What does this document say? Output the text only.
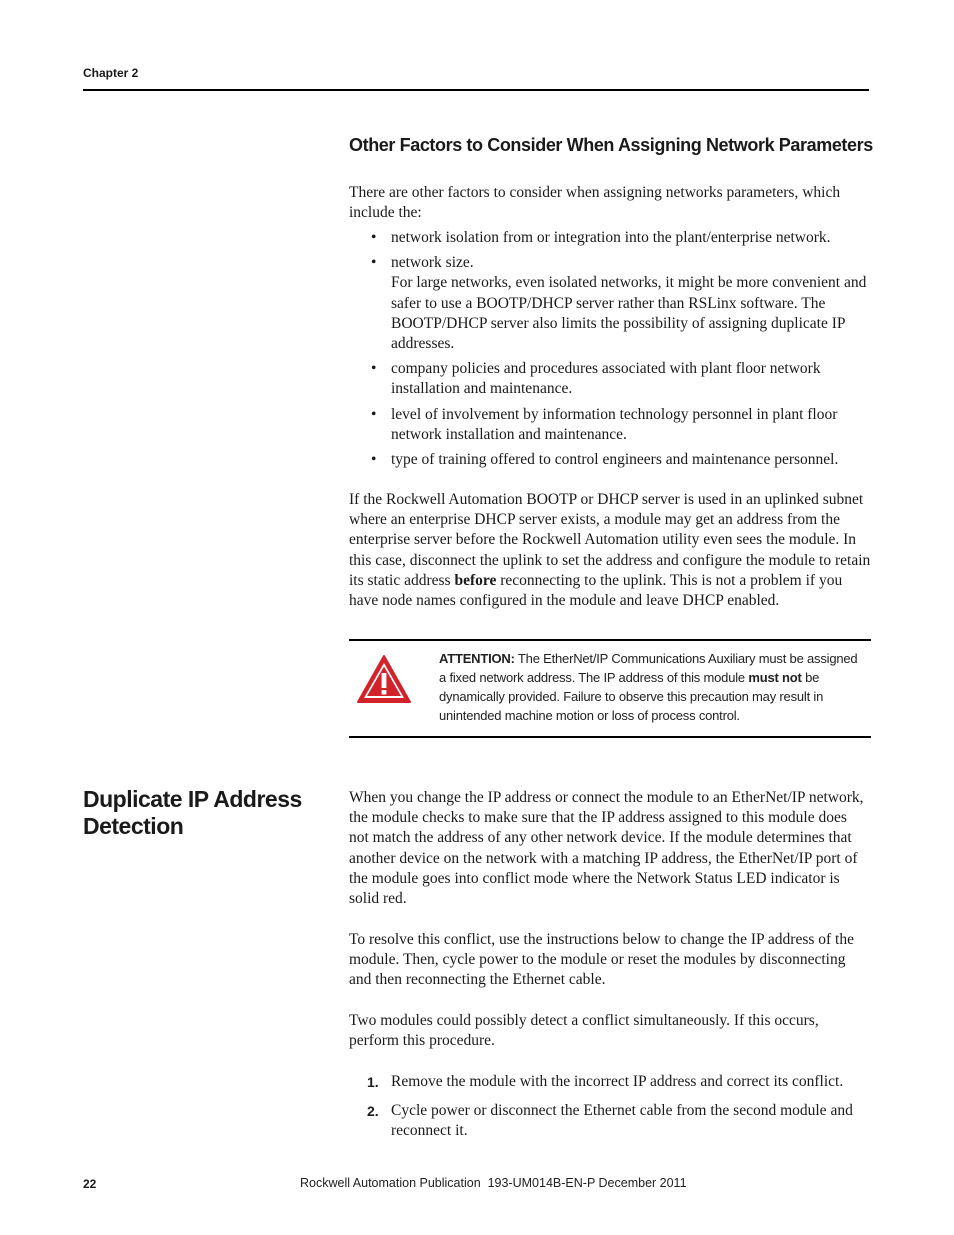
Chapter 2
Other Factors to Consider When Assigning Network Parameters

There are other factors to consider when assigning networks parameters, which include the:

• network isolation from or integration into the plant/enterprise network.
• network size.
For large networks, even isolated networks, it might be more convenient and safer to use a BOOTP/DHCP server rather than RSLinx software. The BOOTP/DHCP server also limits the possibility of assigning duplicate IP addresses.
• company policies and procedures associated with plant floor network installation and maintenance.
• level of involvement by information technology personnel in plant floor network installation and maintenance.
• type of training offered to control engineers and maintenance personnel.

If the Rockwell Automation BOOTP or DHCP server is used in an uplinked subnet where an enterprise DHCP server exists, a module may get an address from the enterprise server before the Rockwell Automation utility even sees the module. In this case, disconnect the uplink to set the address and configure the module to retain its static address before reconnecting to the uplink. This is not a problem if you have node names configured in the module and leave DHCP enabled.

ATTENTION: The EtherNet/IP Communications Auxiliary must be assigned a fixed network address. The IP address of this module must not be dynamically provided. Failure to observe this precaution may result in unintended machine motion or loss of process control.
Duplicate IP Address Detection

When you change the IP address or connect the module to an EtherNet/IP network, the module checks to make sure that the IP address assigned to this module does not match the address of any other network device. If the module determines that another device on the network with a matching IP address, the EtherNet/IP port of the module goes into conflict mode where the Network Status LED indicator is solid red.

To resolve this conflict, use the instructions below to change the IP address of the module. Then, cycle power to the module or reset the modules by disconnecting and then reconnecting the Ethernet cable.

Two modules could possibly detect a conflict simultaneously. If this occurs, perform this procedure.

1. Remove the module with the incorrect IP address and correct its conflict.
2. Cycle power or disconnect the Ethernet cable from the second module and reconnect it.
22	Rockwell Automation Publication  193-UM014B-EN-P December 2011
